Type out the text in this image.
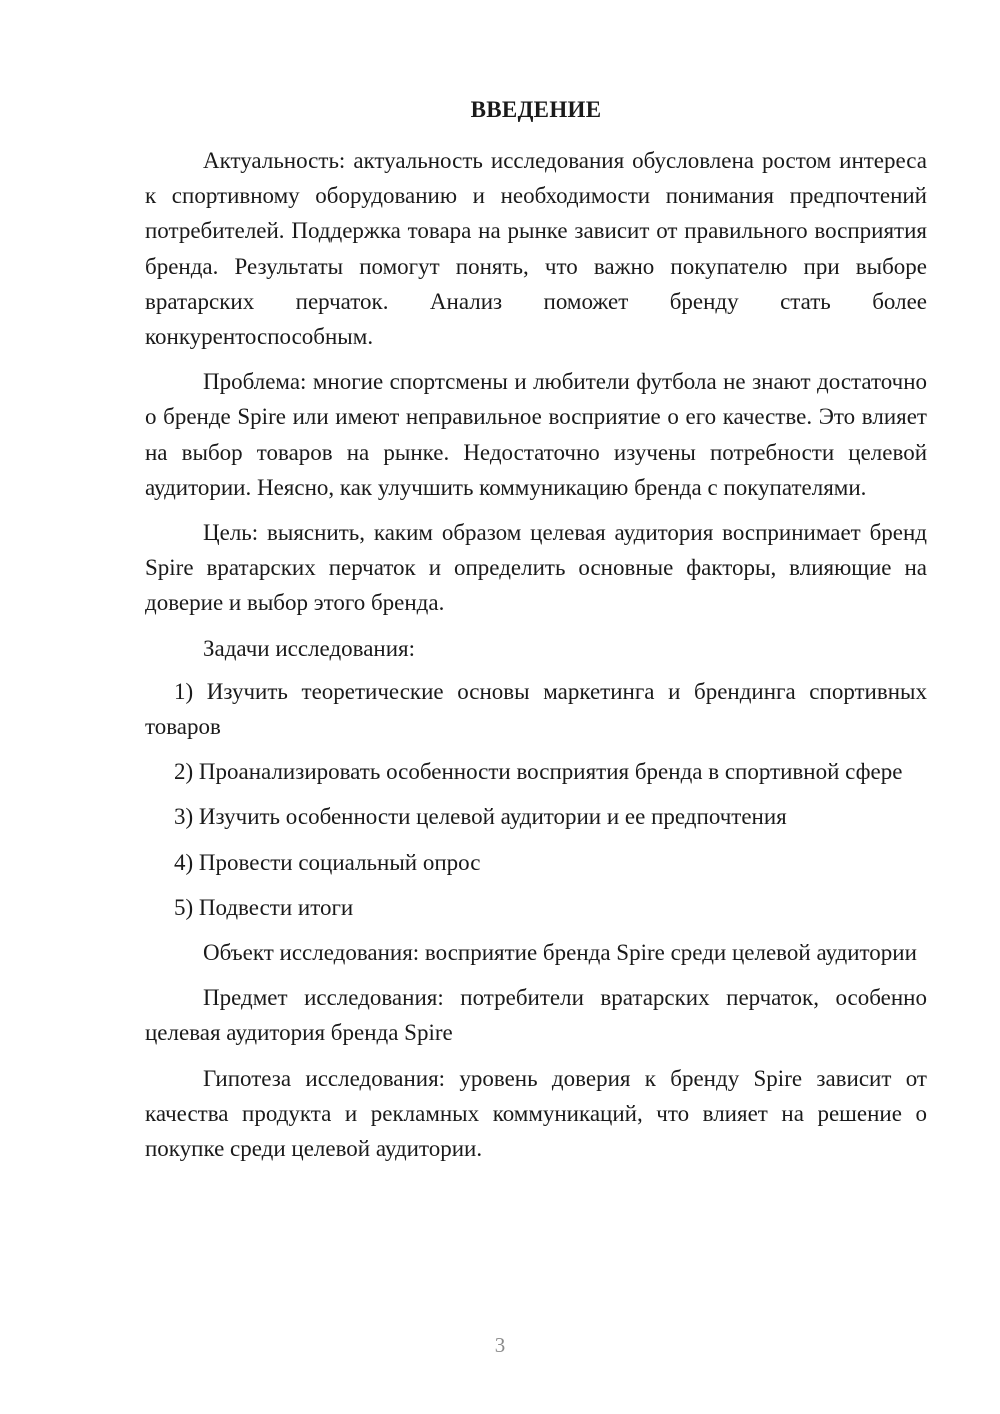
ВВЕДЕНИЕ

Актуальность: актуальность исследования обусловлена ростом интереса к спортивному оборудованию и необходимости понимания предпочтений потребителей. Поддержка товара на рынке зависит от правильного восприятия бренда. Результаты помогут понять, что важно покупателю при выборе вратарских перчаток. Анализ поможет бренду стать более конкурентоспособным.

Проблема: многие спортсмены и любители футбола не знают достаточно о бренде Spire или имеют неправильное восприятие о его качестве. Это влияет на выбор товаров на рынке. Недостаточно изучены потребности целевой аудитории. Неясно, как улучшить коммуникацию бренда с покупателями.

Цель: выяснить, каким образом целевая аудитория воспринимает бренд Spire вратарских перчаток и определить основные факторы, влияющие на доверие и выбор этого бренда.

Задачи исследования:

1) Изучить теоретические основы маркетинга и брендинга спортивных товаров

2) Проанализировать особенности восприятия бренда в спортивной сфере

3) Изучить особенности целевой аудитории и ее предпочтения

4) Провести социальный опрос

5) Подвести итоги

Объект исследования: восприятие бренда Spire среди целевой аудитории

Предмет исследования: потребители вратарских перчаток, особенно целевая аудитория бренда Spire

Гипотеза исследования: уровень доверия к бренду Spire зависит от качества продукта и рекламных коммуникаций, что влияет на решение о покупке среди целевой аудитории.

3
